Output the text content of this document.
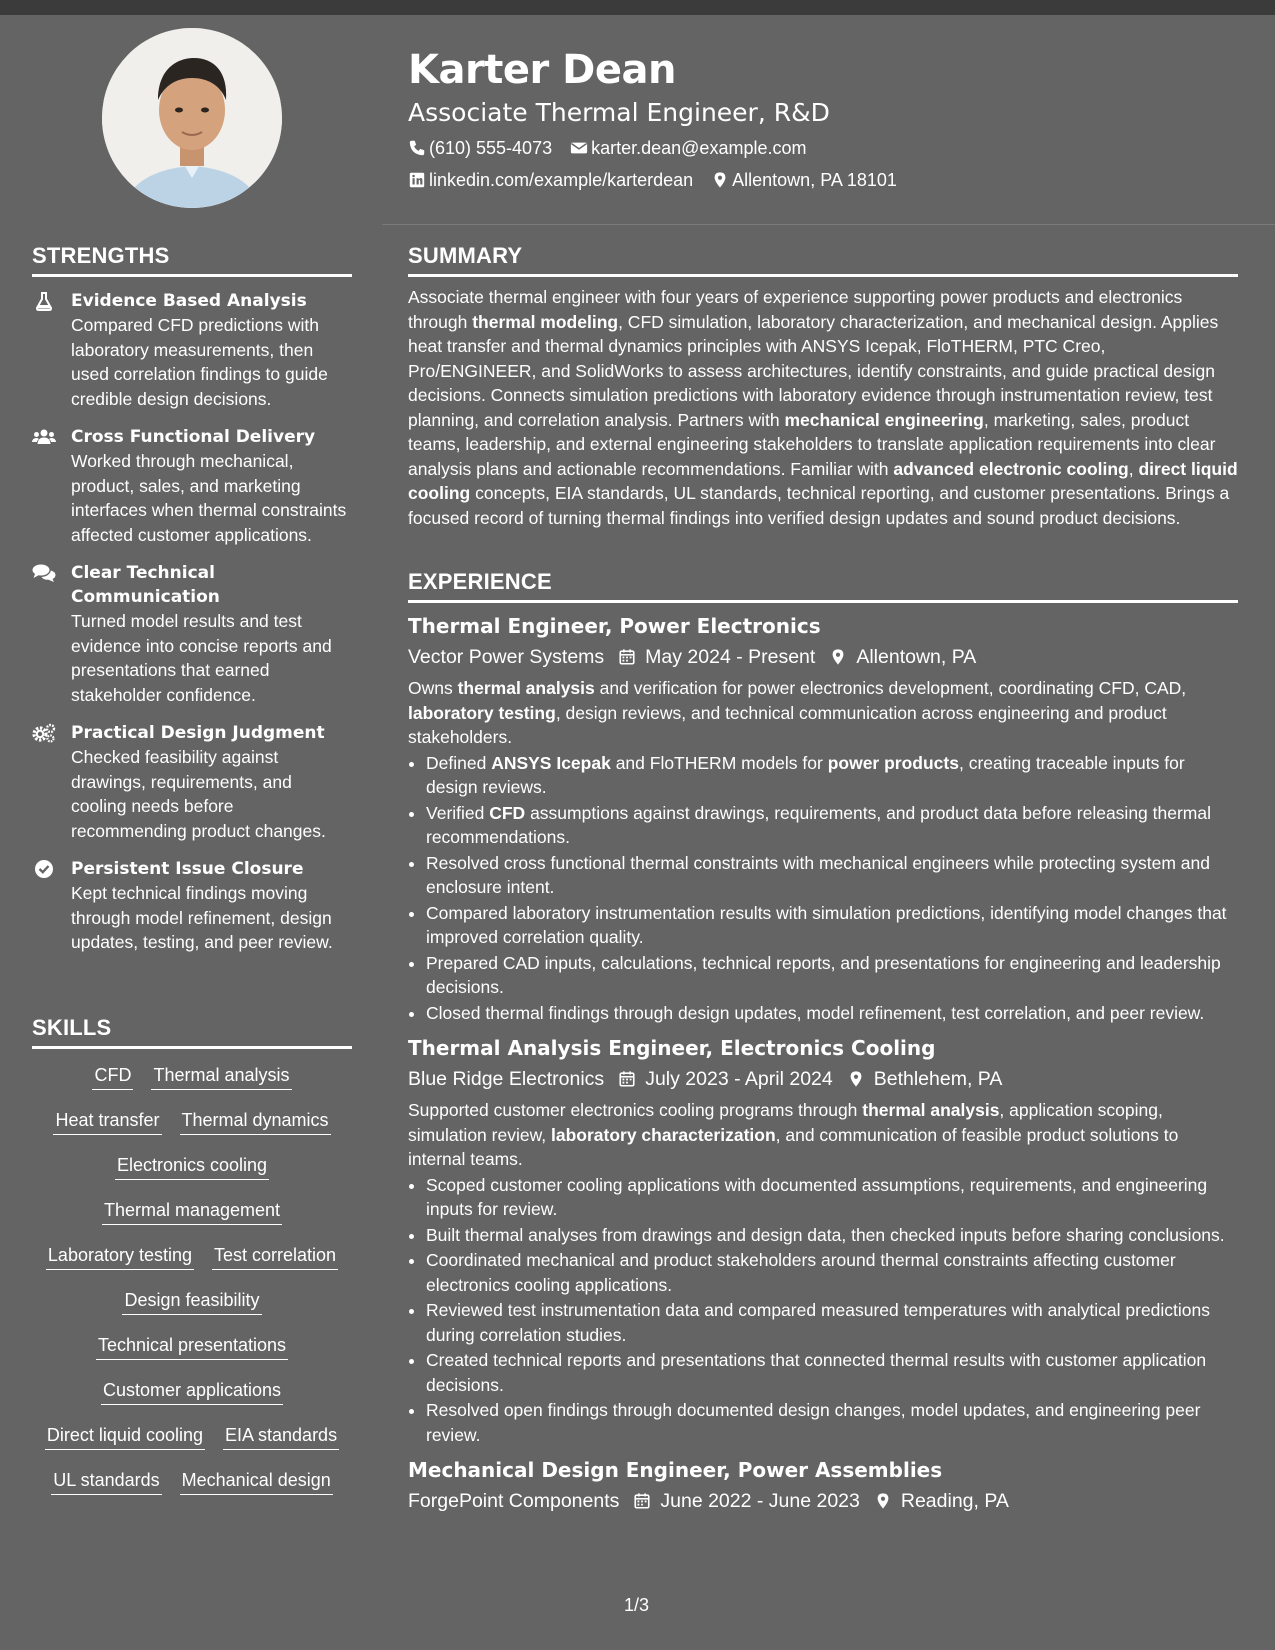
STRENGTHS
Evidence Based Analysis
Compared CFD predictions with laboratory measurements, then used correlation findings to guide credible design decisions.
Cross Functional Delivery
Worked through mechanical, product, sales, and marketing interfaces when thermal constraints affected customer applications.
Clear Technical Communication
Turned model results and test evidence into concise reports and presentations that earned stakeholder confidence.
Practical Design Judgment
Checked feasibility against drawings, requirements, and cooling needs before recommending product changes.
Persistent Issue Closure
Kept technical findings moving through model refinement, design updates, testing, and peer review.
SKILLS
CFD Thermal analysis
Heat transfer Thermal dynamics
Electronics cooling
Thermal management
Laboratory testing Test correlation
Design feasibility
Technical presentations
Customer applications
Direct liquid cooling EIA standards
UL standards Mechanical design
Karter Dean
Associate Thermal Engineer, R&D
(610) 555-4073 karter.dean@example.com
linkedin.com/example/karterdean Allentown, PA 18101
SUMMARY
Associate thermal engineer with four years of experience supporting power products and electronics through thermal modeling, CFD simulation, laboratory characterization, and mechanical design. Applies heat transfer and thermal dynamics principles with ANSYS Icepak, FloTHERM, PTC Creo, Pro/ENGINEER, and SolidWorks to assess architectures, identify constraints, and guide practical design decisions. Connects simulation predictions with laboratory evidence through instrumentation review, test planning, and correlation analysis. Partners with mechanical engineering, marketing, sales, product teams, leadership, and external engineering stakeholders to translate application requirements into clear analysis plans and actionable recommendations. Familiar with advanced electronic cooling, direct liquid cooling concepts, EIA standards, UL standards, technical reporting, and customer presentations. Brings a focused record of turning thermal findings into verified design updates and sound product decisions.
EXPERIENCE
Thermal Engineer, Power Electronics
Vector Power Systems May 2024 - Present Allentown, PA
Owns thermal analysis and verification for power electronics development, coordinating CFD, CAD, laboratory testing, design reviews, and technical communication across engineering and product stakeholders.
• Defined ANSYS Icepak and FloTHERM models for power products, creating traceable inputs for design reviews.
• Verified CFD assumptions against drawings, requirements, and product data before releasing thermal recommendations.
• Resolved cross functional thermal constraints with mechanical engineers while protecting system and enclosure intent.
• Compared laboratory instrumentation results with simulation predictions, identifying model changes that improved correlation quality.
• Prepared CAD inputs, calculations, technical reports, and presentations for engineering and leadership decisions.
• Closed thermal findings through design updates, model refinement, test correlation, and peer review.
Thermal Analysis Engineer, Electronics Cooling
Blue Ridge Electronics July 2023 - April 2024 Bethlehem, PA
Supported customer electronics cooling programs through thermal analysis, application scoping, simulation review, laboratory characterization, and communication of feasible product solutions to internal teams.
• Scoped customer cooling applications with documented assumptions, requirements, and engineering inputs for review.
• Built thermal analyses from drawings and design data, then checked inputs before sharing conclusions.
• Coordinated mechanical and product stakeholders around thermal constraints affecting customer electronics cooling applications.
• Reviewed test instrumentation data and compared measured temperatures with analytical predictions during correlation studies.
• Created technical reports and presentations that connected thermal results with customer application decisions.
• Resolved open findings through documented design changes, model updates, and engineering peer review.
Mechanical Design Engineer, Power Assemblies
ForgePoint Components June 2022 - June 2023 Reading, PA
1/3
